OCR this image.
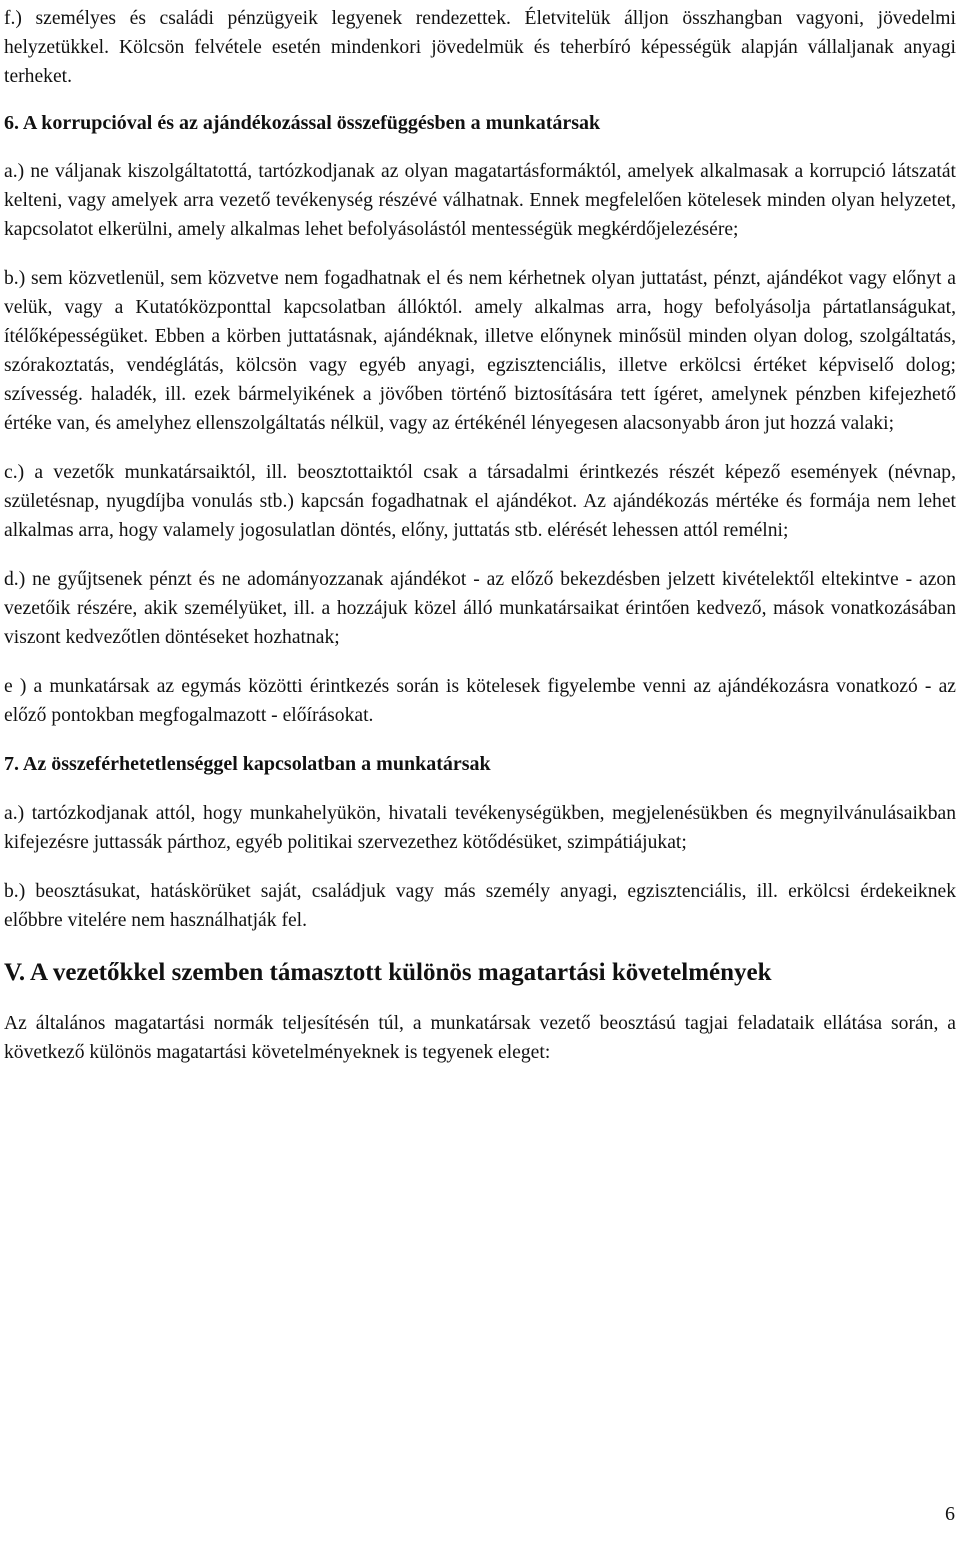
f.) személyes és családi pénzügyeik legyenek rendezettek. Életvitelük álljon összhangban vagyoni, jövedelmi helyzetükkel. Kölcsön felvétele esetén mindenkori jövedelmük és teherbíró képességük alapján vállaljanak anyagi terheket.

6. A korrupcióval és az ajándékozással összefüggésben a munkatársak

a.) ne váljanak kiszolgáltatottá, tartózkodjanak az olyan magatartásformáktól, amelyek alkalmasak a korrupció látszatát kelteni, vagy amelyek arra vezető tevékenység részévé válhatnak. Ennek megfelelően kötelesek minden olyan helyzetet, kapcsolatot elkerülni, amely alkalmas lehet befolyásolástól mentességük megkérdőjelezésére;

b.) sem közvetlenül, sem közvetve nem fogadhatnak el és nem kérhetnek olyan juttatást, pénzt, ajándékot vagy előnyt a velük, vagy a Kutatóközponttal kapcsolatban állóktól. amely alkalmas arra, hogy befolyásolja pártatlanságukat, ítélőképességüket. Ebben a körben juttatásnak, ajándéknak, illetve előnynek minősül minden olyan dolog, szolgáltatás, szórakoztatás, vendéglátás, kölcsön vagy egyéb anyagi, egzisztenciális, illetve erkölcsi értéket képviselő dolog; szívesség. haladék, ill. ezek bármelyikének a jövőben történő biztosítására tett ígéret, amelynek pénzben kifejezhető értéke van, és amelyhez ellenszolgáltatás nélkül, vagy az értékénél lényegesen alacsonyabb áron jut hozzá valaki;

c.) a vezetők munkatársaiktól, ill. beosztottaiktól csak a társadalmi érintkezés részét képező események (névnap, születésnap, nyugdíjba vonulás stb.) kapcsán fogadhatnak el ajándékot. Az ajándékozás mértéke és formája nem lehet alkalmas arra, hogy valamely jogosulatlan döntés, előny, juttatás stb. elérését lehessen attól remélni;

d.) ne gyűjtsenek pénzt és ne adományozzanak ajándékot - az előző bekezdésben jelzett kivételektől eltekintve - azon vezetőik részére, akik személyüket, ill. a hozzájuk közel álló munkatársaikat érintően kedvező, mások vonatkozásában viszont kedvezőtlen döntéseket hozhatnak;

e ) a munkatársak az egymás közötti érintkezés során is kötelesek figyelembe venni az ajándékozásra vonatkozó - az előző pontokban megfogalmazott - előírásokat.

7. Az összeférhetetlenséggel kapcsolatban a munkatársak

a.) tartózkodjanak attól, hogy munkahelyükön, hivatali tevékenységükben, megjelenésükben és megnyilvánulásaikban kifejezésre juttassák párthoz, egyéb politikai szervezethez kötődésüket, szimpátiájukat;

b.) beosztásukat, hatáskörüket saját, családjuk vagy más személy anyagi, egzisztenciális, ill. erkölcsi érdekeiknek előbbre vitelére nem használhatják fel.

V. A vezetőkkel szemben támasztott különös magatartási követelmények

Az általános magatartási normák teljesítésén túl, a munkatársak vezető beosztású tagjai feladataik ellátása során, a következő különös magatartási követelményeknek is tegyenek eleget:

6
